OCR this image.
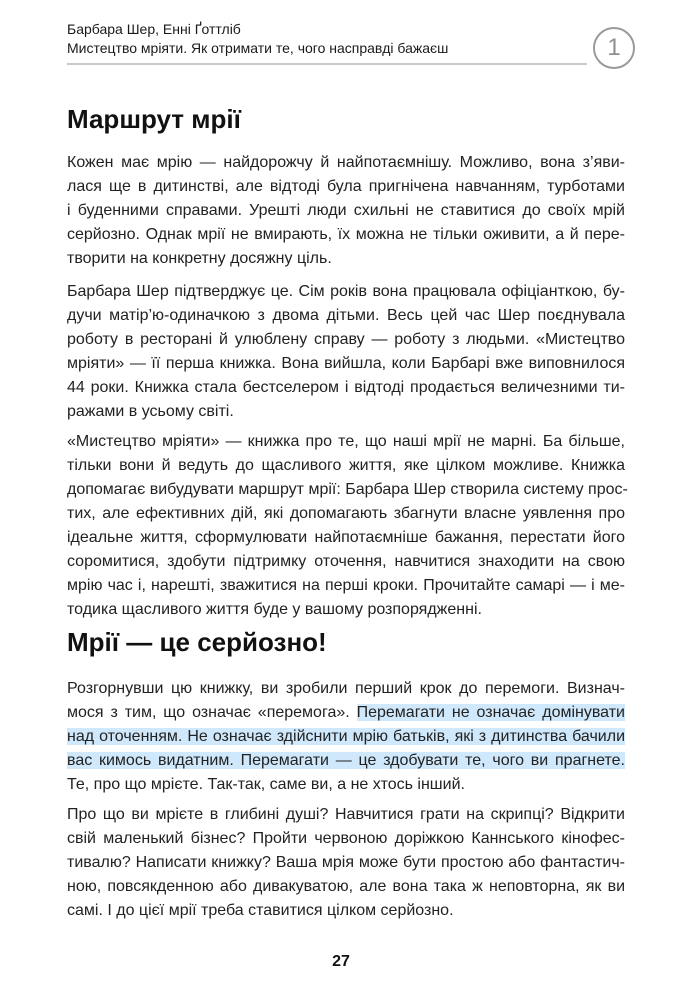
Барбара Шер, Енні Ґоттліб
Мистецтво мріяти. Як отримати те, чого насправді бажаєш	1
Маршрут мрії
Кожен має мрію — найдорожчу й найпотаємнішу. Можливо, вона з’яви-
лася ще в дитинстві, але відтоді була пригнічена навчанням, турботами
і буденними справами. Урешті люди схильні не ставитися до своїх мрій
серйозно. Однак мрії не вмирають, їх можна не тільки оживити, а й пере-
творити на конкретну досяжну ціль.
Барбара Шер підтверджує це. Сім років вона працювала офіціанткою, бу-
дучи матір’ю-одиначкою з двома дітьми. Весь цей час Шер поєднувала
роботу в ресторані й улюблену справу — роботу з людьми. «Мистецтво
мріяти» — її перша книжка. Вона вийшла, коли Барбарі вже виповнилося
44 роки. Книжка стала бестселером і відтоді продається величезними ти-
ражами в усьому світі.
«Мистецтво мріяти» — книжка про те, що наші мрії не марні. Ба більше,
тільки вони й ведуть до щасливого життя, яке цілком можливе. Книжка
допомагає вибудувати маршрут мрії: Барбара Шер створила систему прос-
тих, але ефективних дій, які допомагають збагнути власне уявлення про
ідеальне життя, сформулювати найпотаємніше бажання, перестати його
соромитися, здобути підтримку оточення, навчитися знаходити на свою
мрію час і, нарешті, зважитися на перші кроки. Прочитайте самарі — і ме-
тодика щасливого життя буде у вашому розпорядженні.
Мрії — це серйозно!
Розгорнувши цю книжку, ви зробили перший крок до перемоги. Визнач-
мося з тим, що означає «перемога». Перемагати не означає домінувати
над оточенням. Не означає здійснити мрію батьків, які з дитинства бачили
вас кимось видатним. Перемагати — це здобувати те, чого ви прагнете.
Те, про що мрієте. Так-так, саме ви, а не хтось інший.
Про що ви мрієте в глибині душі? Навчитися грати на скрипці? Відкрити
свій маленький бізнес? Пройти червоною доріжкою Каннського кінофес-
тивалю? Написати книжку? Ваша мрія може бути простою або фантастич-
ною, повсякденною або дивакуватою, але вона така ж неповторна, як ви
самі. І до цієї мрії треба ставитися цілком серйозно.
27
